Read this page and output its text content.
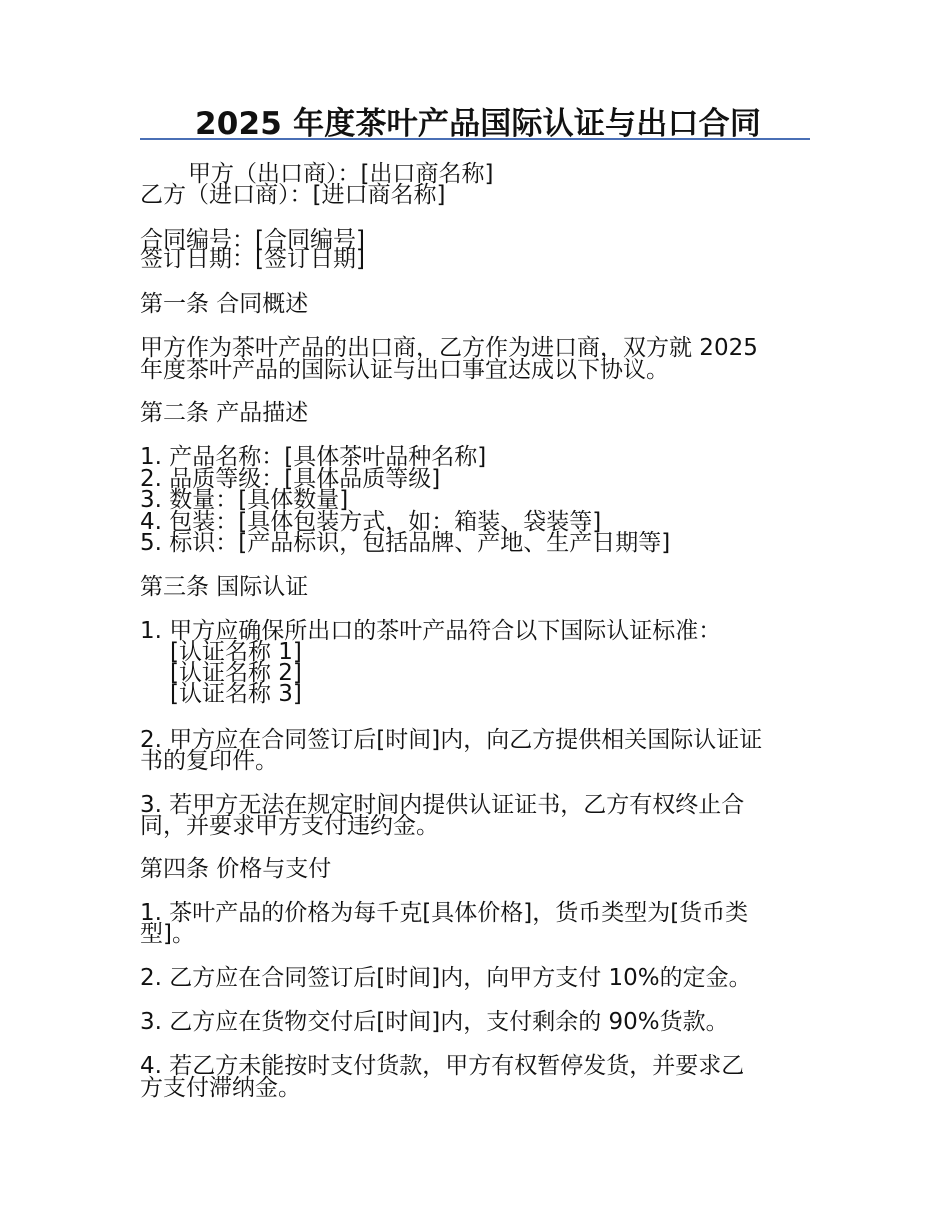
2025 年度茶叶产品国际认证与出口合同
甲方（出口商）：[出口商名称]
乙方（进口商）：[进口商名称]
合同编号：[合同编号]
签订日期：[签订日期]
第一条 合同概述
甲方作为茶叶产品的出口商，乙方作为进口商，双方就 2025
年度茶叶产品的国际认证与出口事宜达成以下协议。
第二条 产品描述
1. 产品名称：[具体茶叶品种名称]
2. 品质等级：[具体品质等级]
3. 数量：[具体数量]
4. 包装：[具体包装方式，如：箱装、袋装等]
5. 标识：[产品标识，包括品牌、产地、生产日期等]
第三条 国际认证
1. 甲方应确保所出口的茶叶产品符合以下国际认证标准：
[认证名称 1]
[认证名称 2]
[认证名称 3]
2. 甲方应在合同签订后[时间]内，向乙方提供相关国际认证证
书的复印件。
3. 若甲方无法在规定时间内提供认证证书，乙方有权终止合
同，并要求甲方支付违约金。
第四条 价格与支付
1. 茶叶产品的价格为每千克[具体价格]，货币类型为[货币类
型]。
2. 乙方应在合同签订后[时间]内，向甲方支付 10%的定金。
3. 乙方应在货物交付后[时间]内，支付剩余的 90%货款。
4. 若乙方未能按时支付货款，甲方有权暂停发货，并要求乙
方支付滞纳金。
